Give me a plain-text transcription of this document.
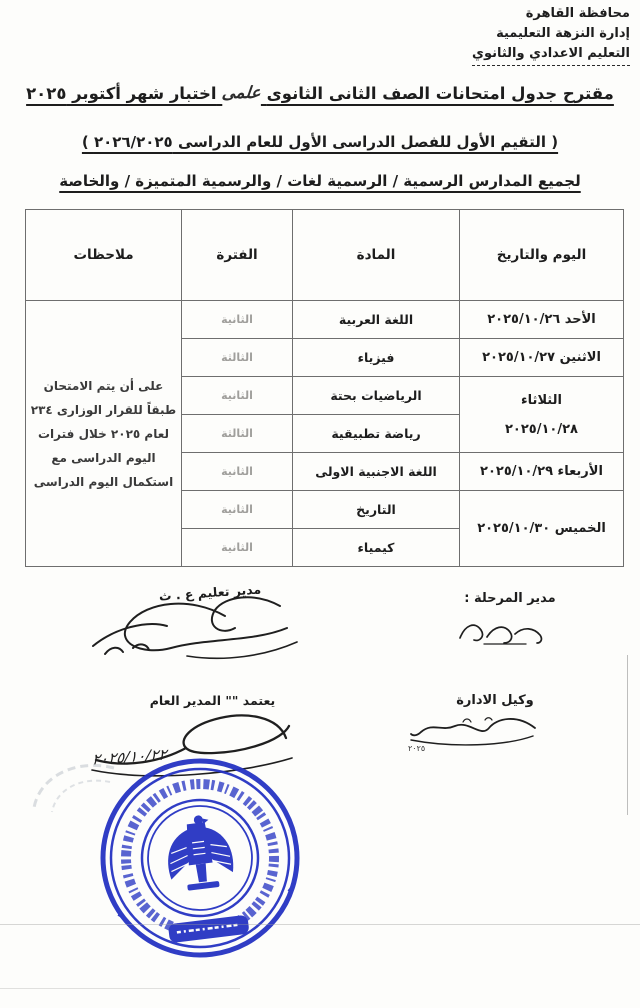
محافظة القاهرة
إدارة النزهة التعليمية
التعليم الاعدادي والثانوي
مقترح جدول امتحانات الصف الثانى الثانوى علمى اختبار شهر أكتوبر ٢٠٢٥
( التقيم الأول للفصل الدراسى الأول للعام الدراسى ٢٠٢٦/٢٠٢٥ )
لجميع المدارس الرسمية / الرسمية لغات / والرسمية المتميزة / والخاصة
اليوم والتاريخ	المادة	الفترة	ملاحظات
الأحد ٢٠٢٥/١٠/٢٦	اللغة العربية	الثانية	على أن يتم الامتحان طبقاً للقرار الوزارى ٢٣٤ لعام ٢٠٢٥ خلال فترات اليوم الدراسى مع استكمال اليوم الدراسى
الاثنين ٢٠٢٥/١٠/٢٧	فيزياء	الثالثة	
الثلاثاء
٢٠٢٥/١٠/٢٨	الرياضيات بحتة	الثانية	
	رياضة تطبيقية	الثالثة	
الأربعاء ٢٠٢٥/١٠/٢٩	اللغة الاجنبية الاولى	الثانية	
الخميس ٢٠٢٥/١٠/٣٠	التاريخ	الثانية	
	كيمياء	الثانية	
مدير المرحلة :
مدير تعليم ع . ث
وكيل الادارة
٢٠٢٥
يعتمد "" المدير العام
٢٠٢٥/١٠/٢٢
